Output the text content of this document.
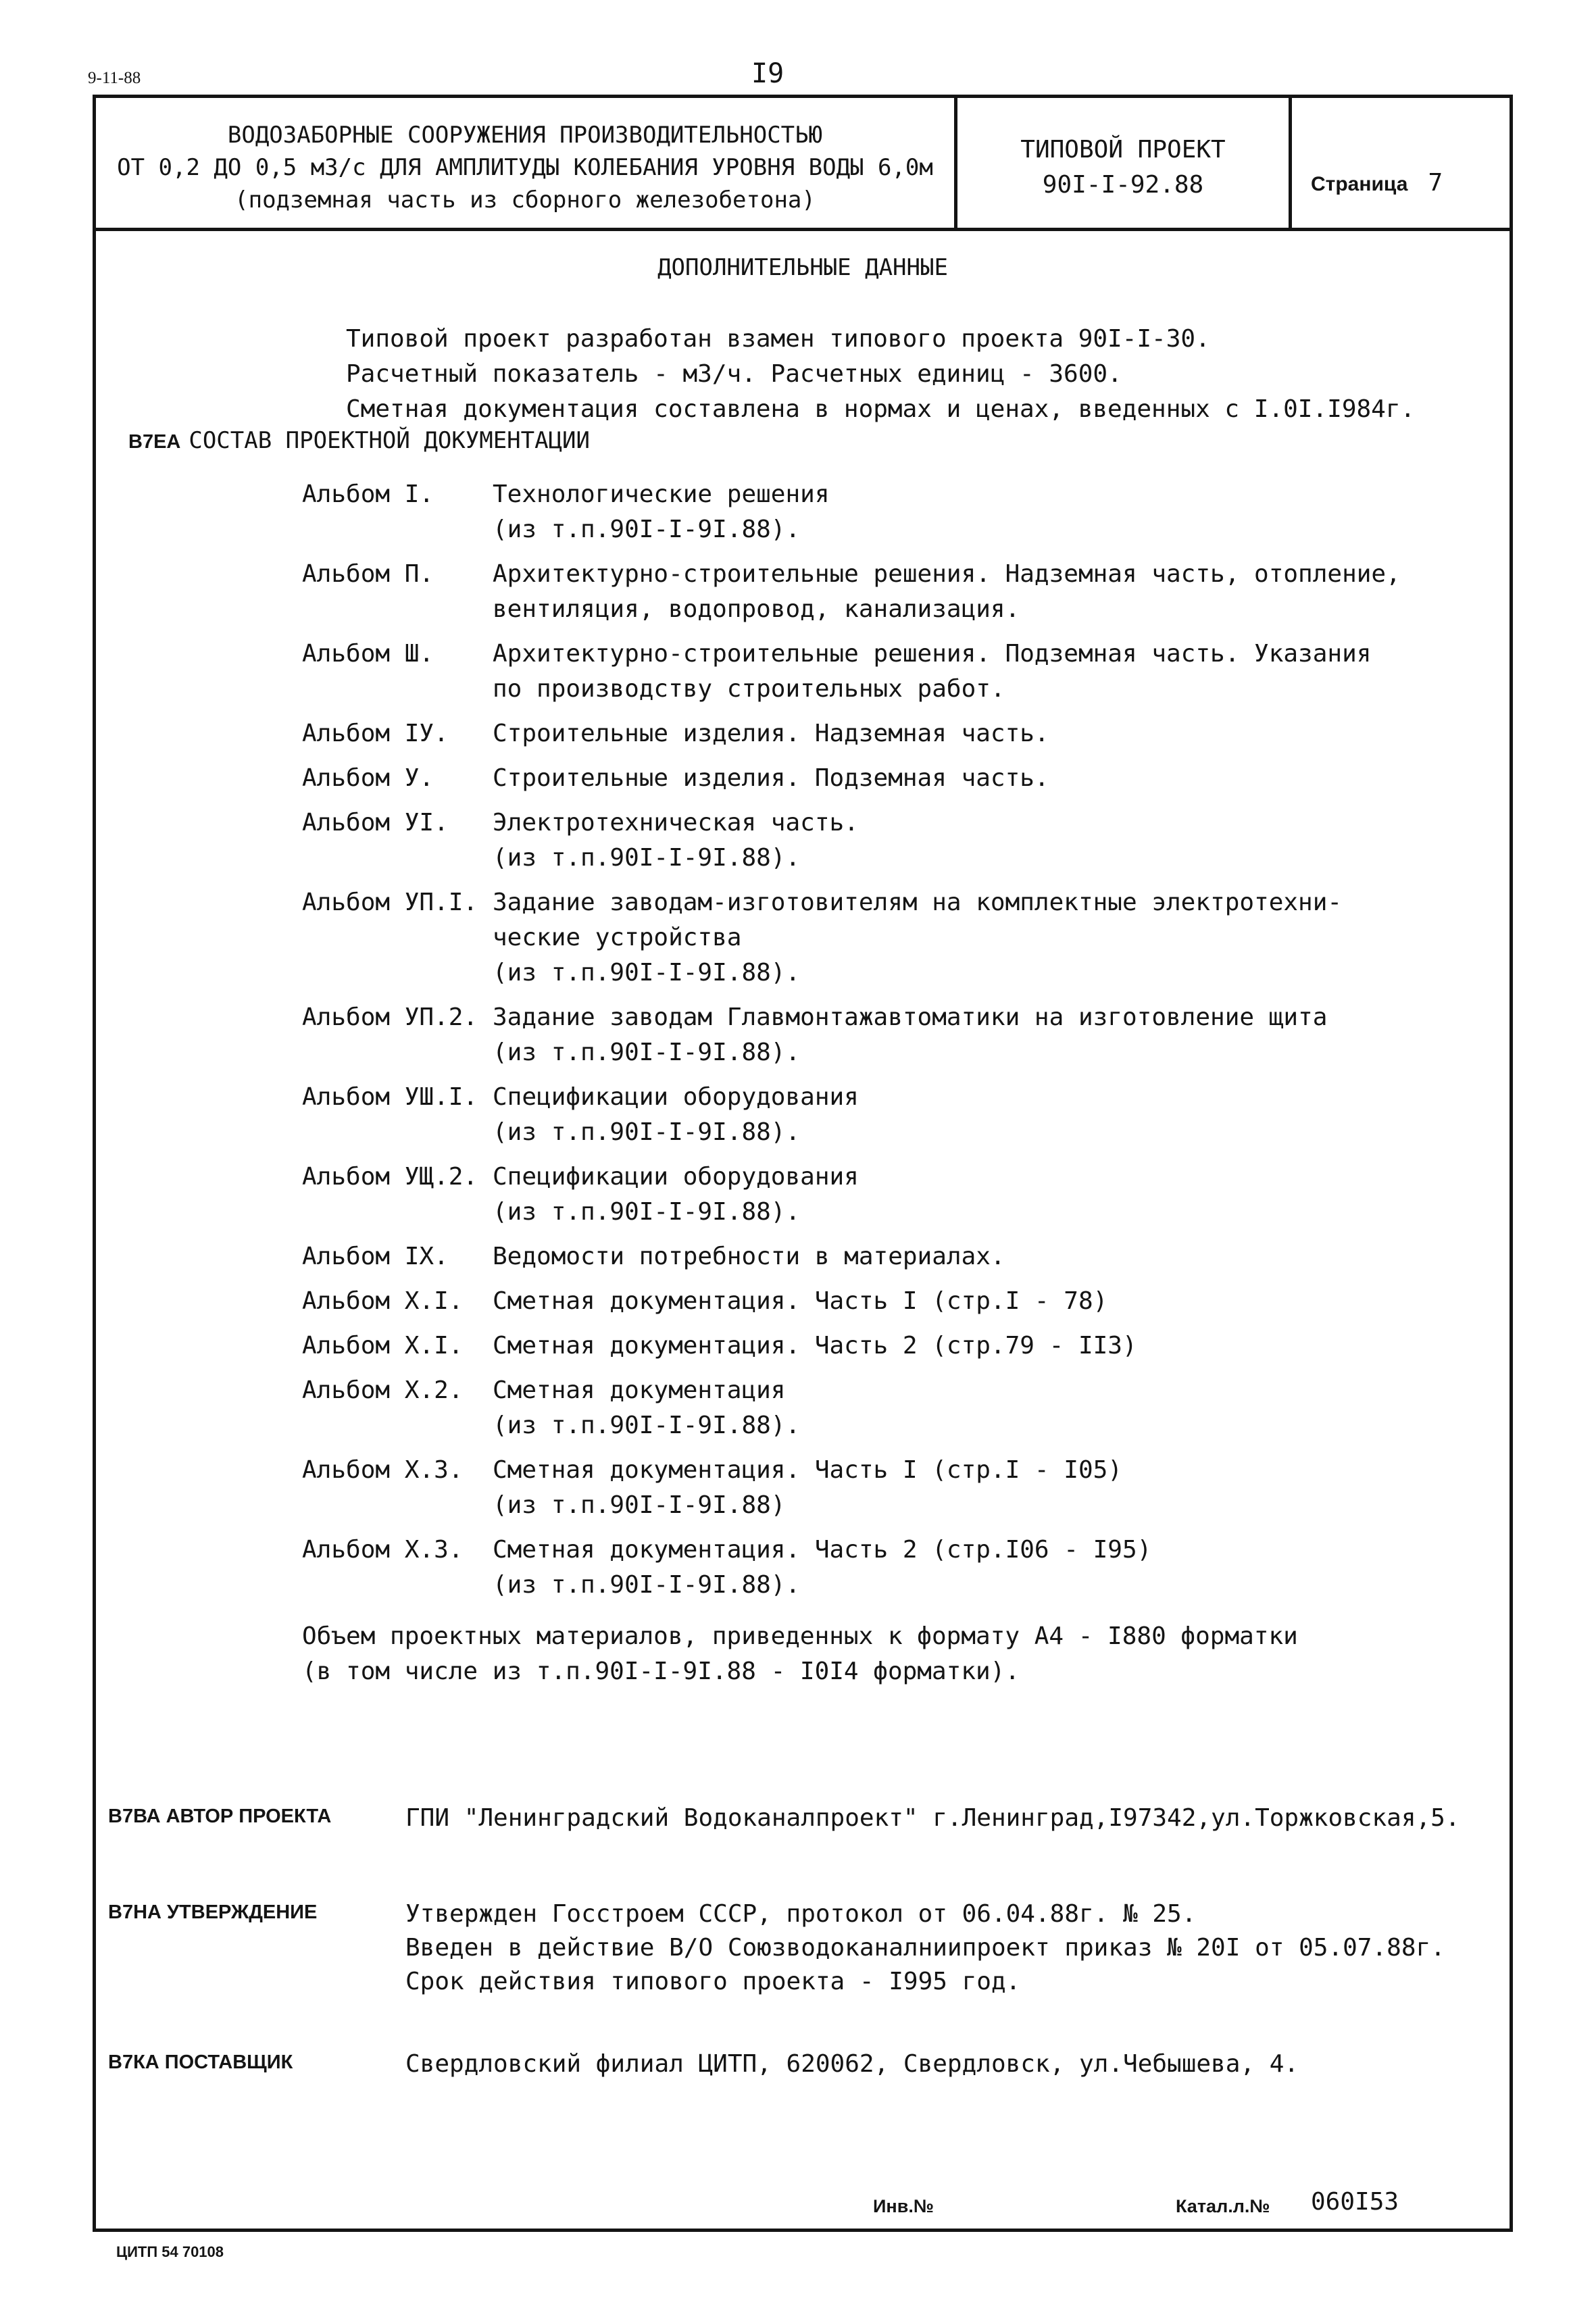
9-11-88	I9
ВОДОЗАБОРНЫЕ СООРУЖЕНИЯ ПРОИЗВОДИТЕЛЬНОСТЬЮ
ОТ 0,2 ДО 0,5 м3/с ДЛЯ АМПЛИТУДЫ КОЛЕБАНИЯ УРОВНЯ ВОДЫ 6,0м
(подземная часть из сборного железобетона)
ТИПОВОЙ ПРОЕКТ
90I-I-92.88	Страница 7
ДОПОЛНИТЕЛЬНЫЕ ДАННЫЕ
Типовой проект разработан взамен типового проекта 90I-I-30.
Расчетный показатель - м3/ч. Расчетных единиц - 3600.
Сметная документация составлена в нормах и ценах, введенных с I.0I.I984г.
В7ЕА СОСТАВ ПРОЕКТНОЙ ДОКУМЕНТАЦИИ
Альбом I.	Технологические решения
(из т.п.90I-I-9I.88).
Альбом П.	Архитектурно-строительные решения. Надземная часть, отопление,
вентиляция, водопровод, канализация.
Альбом Ш.	Архитектурно-строительные решения. Подземная часть. Указания
по производству строительных работ.
Альбом IУ.	Строительные изделия. Надземная часть.
Альбом У.	Строительные изделия. Подземная часть.
Альбом УI.	Электротехническая часть.
(из т.п.90I-I-9I.88).
Альбом УП.I. Задание заводам-изготовителям на комплектные электротехни-
ческие устройства
(из т.п.90I-I-9I.88).
Альбом УП.2. Задание заводам Главмонтажавтоматики на изготовление щита
(из т.п.90I-I-9I.88).
Альбом УШ.I. Спецификации оборудования
(из т.п.90I-I-9I.88).
Альбом УЩ.2. Спецификации оборудования
(из т.п.90I-I-9I.88).
Альбом IX.	Ведомости потребности в материалах.
Альбом X.I.	Сметная документация. Часть I (стр.I - 78)
Альбом X.I.	Сметная документация. Часть 2 (стр.79 - II3)
Альбом X.2.	Сметная документация
(из т.п.90I-I-9I.88).
Альбом X.3.	Сметная документация. Часть I (стр.I - I05)
(из т.п.90I-I-9I.88)
Альбом X.3.	Сметная документация. Часть 2 (стр.I06 - I95)
(из т.п.90I-I-9I.88).
Объем проектных материалов, приведенных к формату А4 - I880 форматки
(в том числе из т.п.90I-I-9I.88 - I0I4 форматки).
В7ВА АВТОР ПРОЕКТА	ГПИ "Ленинградский Водоканалпроект" г.Ленинград,I97342,ул.Торжковская,5.
В7НА УТВЕРЖДЕНИЕ	Утвержден Госстроем СССР, протокол от 06.04.88г. № 25.
Введен в действие В/О Союзводоканалниипроект приказ № 20I от 05.07.88г.
Срок действия типового проекта - I995 год.
В7КА ПОСТАВЩИК	Свердловский филиал ЦИТП, 620062, Свердловск, ул.Чебышева, 4.
Инв.№	Катал.л.№ 060I53
ЦИТП 54 70108
